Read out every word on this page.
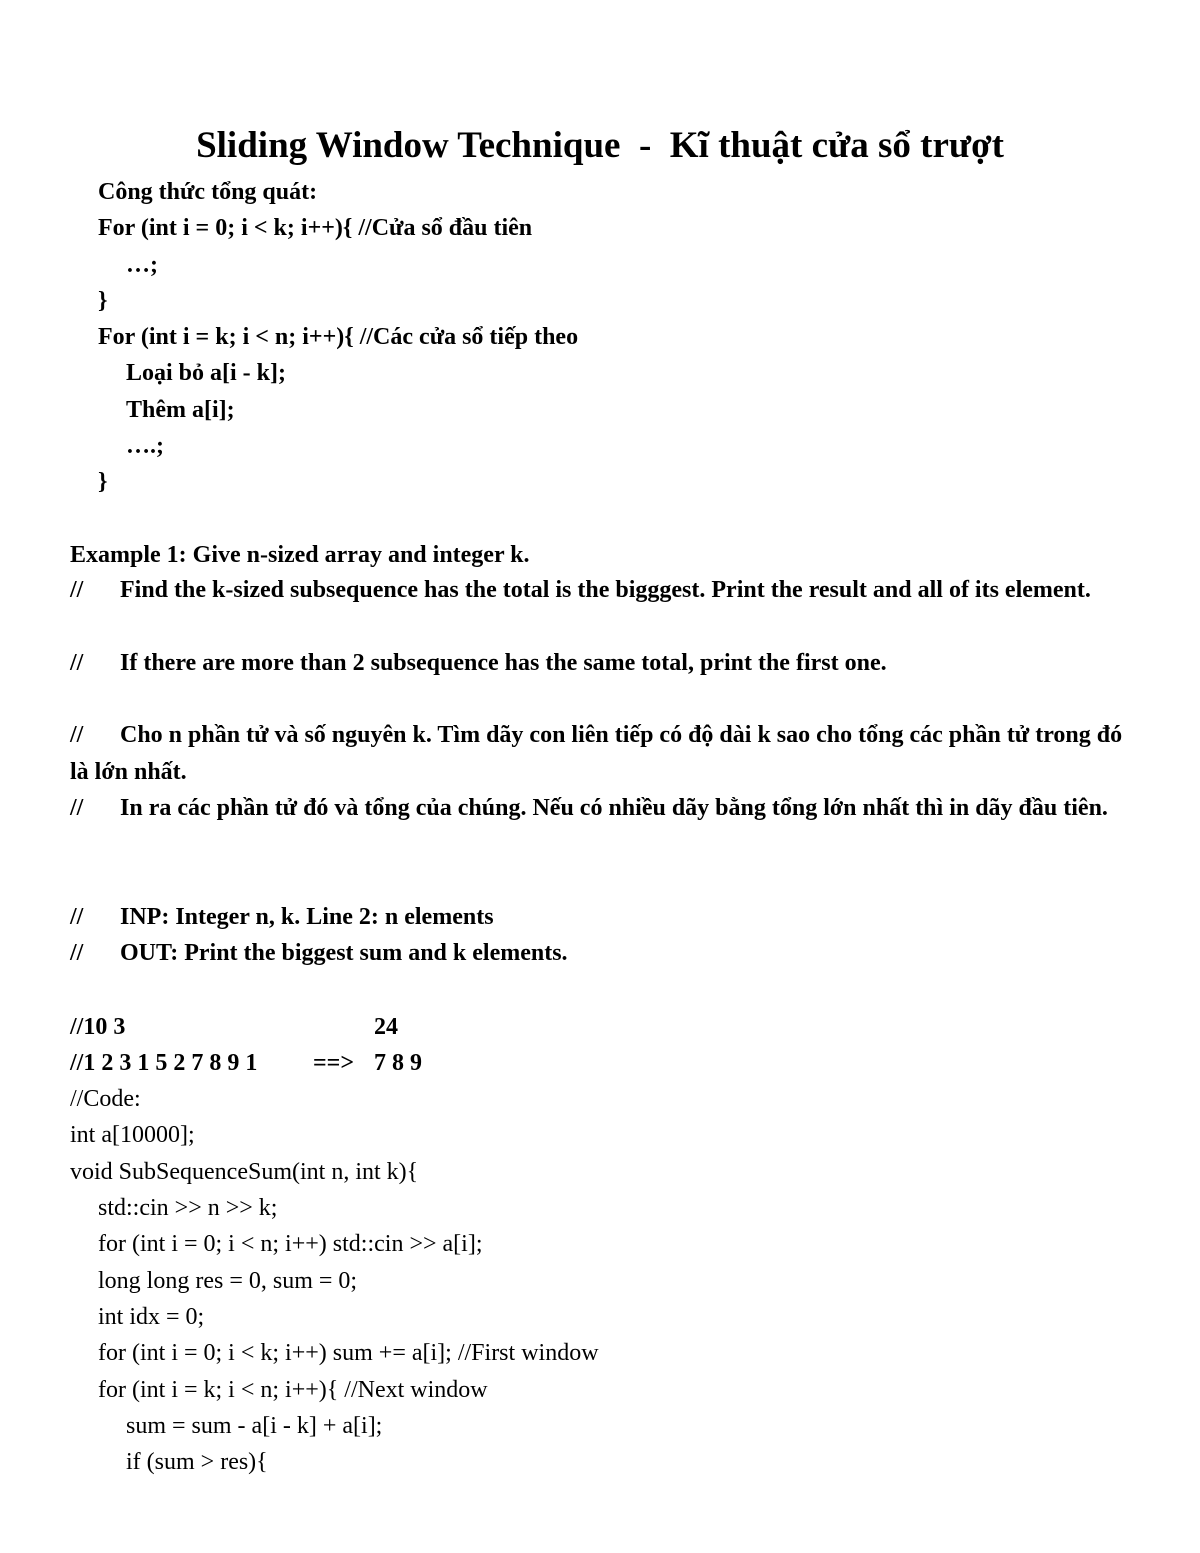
Sliding Window Technique  -  Kĩ thuật cửa sổ trượt
Công thức tổng quát:
For (int i = 0; i < k; i++){ //Cửa sổ đầu tiên
…;
}
For (int i = k; i < n; i++){ //Các cửa sổ tiếp theo
Loại bỏ a[i - k];
Thêm a[i];
….;
}
Example 1: Give n-sized array and integer k.
// Find the k-sized subsequence has the total is the bigggest. Print the result and all of its element.
// If there are more than 2 subsequence has the same total, print the first one.
// Cho n phần tử và số nguyên k. Tìm dãy con liên tiếp có độ dài k sao cho tổng các phần tử trong đó là lớn nhất.
// In ra các phần tử đó và tổng của chúng. Nếu có nhiều dãy bằng tổng lớn nhất thì in dãy đầu tiên.
// INP: Integer n, k. Line 2: n elements
// OUT: Print the biggest sum and k elements.
//10 3	24
//1 2 3 1 5 2 7 8 9 1 ==> 7 8 9
//Code:
int a[10000];
void SubSequenceSum(int n, int k){
std::cin >> n >> k;
for (int i = 0; i < n; i++) std::cin >> a[i];
long long res = 0, sum = 0;
int idx = 0;
for (int i = 0; i < k; i++) sum += a[i]; //First window
for (int i = k; i < n; i++){ //Next window
sum = sum - a[i - k] + a[i];
if (sum > res){
